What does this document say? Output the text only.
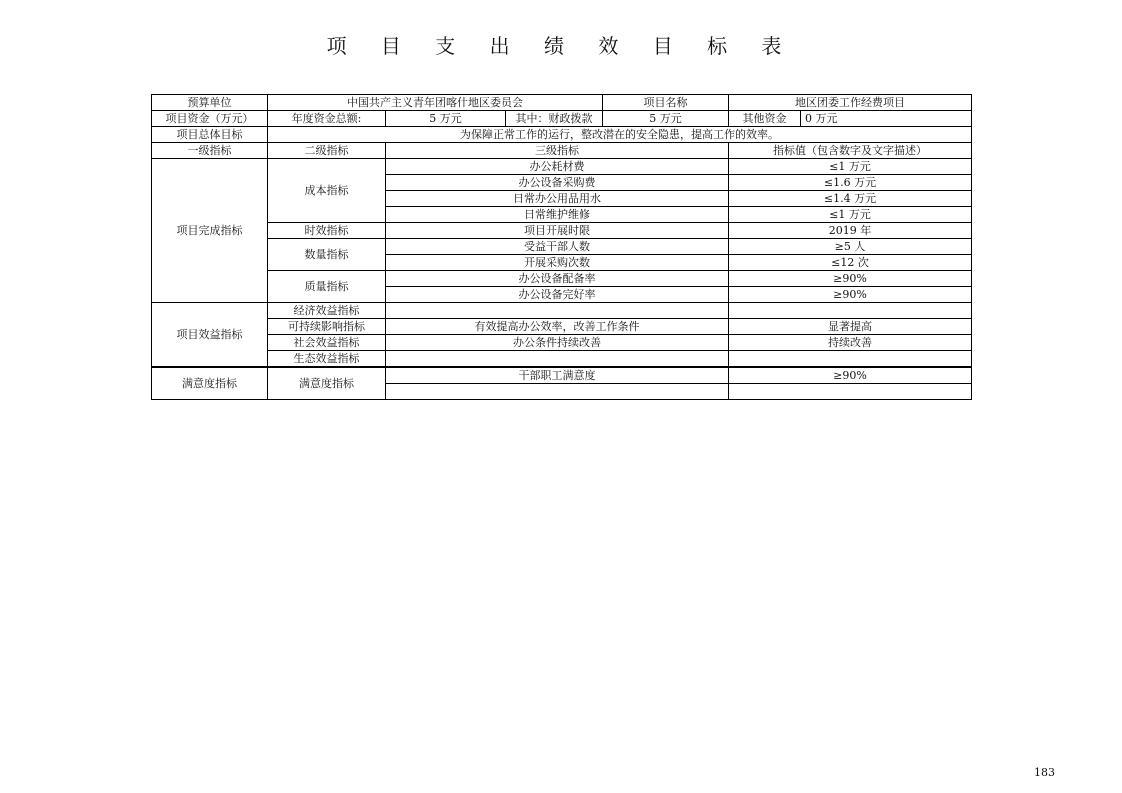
项 目 支 出 绩 效 目 标 表
预算单位	中国共产主义青年团喀什地区委员会			项目名称	地区团委工作经费项目	
项目资金（万元）	年度资金总额:	5 万元	其中：财政拨款	5 万元	其他资金	0 万元
项目总体目标	为保障正常工作的运行，整改潜在的安全隐患，提高工作的效率。					
一级指标	二级指标	三级指标			指标值（包含数字及文字描述）	
项目完成指标	成本指标	办公耗材费			≤1 万元	
		办公设备采购费			≤1.6 万元	
		日常办公用品用水			≤1.4 万元	
		日常维护维修			≤1 万元	
	时效指标	项目开展时限			2019 年	
	数量指标	受益干部人数			≥5 人	
		开展采购次数			≤12 次	
	质量指标	办公设备配备率			≥90%	
		办公设备完好率			≥90%	
项目效益指标	经济效益指标					
	可持续影响指标	有效提高办公效率，改善工作条件			显著提高	
	社会效益指标	办公条件持续改善			持续改善	
	生态效益指标					
满意度指标	满意度指标	干部职工满意度			≥90%	

183
